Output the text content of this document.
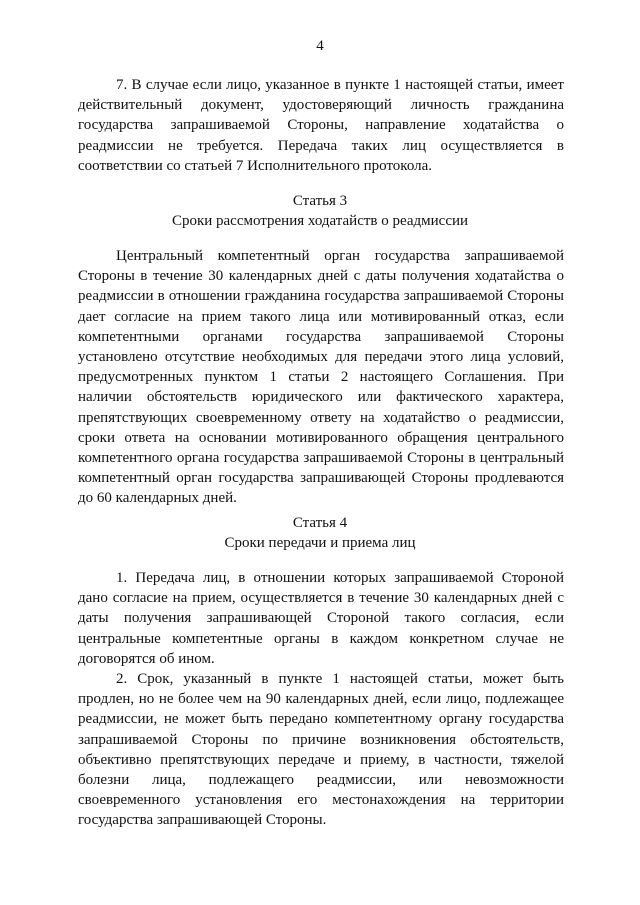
4

7. В случае если лицо, указанное в пункте 1 настоящей статьи, имеет действительный документ, удостоверяющий личность гражданина государства запрашиваемой Стороны, направление ходатайства о реадмиссии не требуется. Передача таких лиц осуществляется в соответствии со статьей 7 Исполнительного протокола.

Статья 3
Сроки рассмотрения ходатайств о реадмиссии

Центральный компетентный орган государства запрашиваемой Стороны в течение 30 календарных дней с даты получения ходатайства о реадмиссии в отношении гражданина государства запрашиваемой Стороны дает согласие на прием такого лица или мотивированный отказ, если компетентными органами государства запрашиваемой Стороны установлено отсутствие необходимых для передачи этого лица условий, предусмотренных пунктом 1 статьи 2 настоящего Соглашения. При наличии обстоятельств юридического или фактического характера, препятствующих своевременному ответу на ходатайство о реадмиссии, сроки ответа на основании мотивированного обращения центрального компетентного органа государства запрашиваемой Стороны в центральный компетентный орган государства запрашивающей Стороны продлеваются до 60 календарных дней.

Статья 4
Сроки передачи и приема лиц

1. Передача лиц, в отношении которых запрашиваемой Стороной дано согласие на прием, осуществляется в течение 30 календарных дней с даты получения запрашивающей Стороной такого согласия, если центральные компетентные органы в каждом конкретном случае не договорятся об ином.

2. Срок, указанный в пункте 1 настоящей статьи, может быть продлен, но не более чем на 90 календарных дней, если лицо, подлежащее реадмиссии, не может быть передано компетентному органу государства запрашиваемой Стороны по причине возникновения обстоятельств, объективно препятствующих передаче и приему, в частности, тяжелой болезни лица, подлежащего реадмиссии, или невозможности своевременного установления его местонахождения на территории государства запрашивающей Стороны.
